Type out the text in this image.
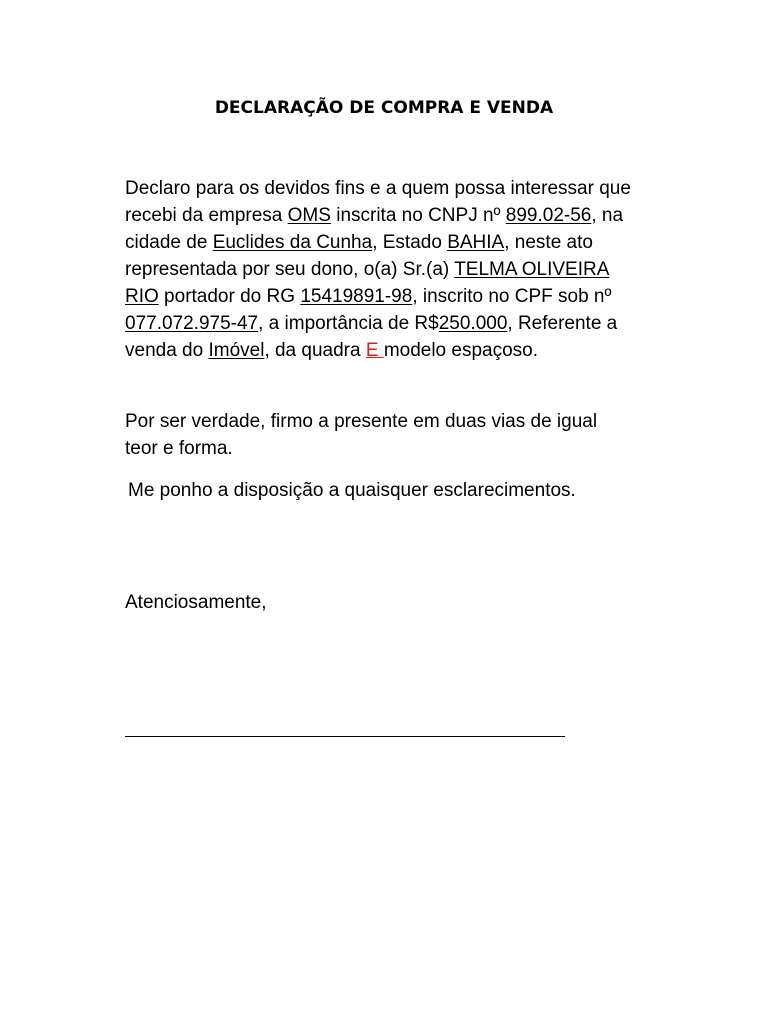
DECLARAÇÃO DE COMPRA E VENDA
Declaro para os devidos fins e a quem possa interessar que
recebi da empresa OMS inscrita no CNPJ nº 899.02-56, na
cidade de Euclides da Cunha, Estado BAHIA, neste ato
representada por seu dono, o(a) Sr.(a) TELMA OLIVEIRA
RIO portador do RG 15419891-98, inscrito no CPF sob nº
077.072.975-47, a importância de R$250.000, Referente a
venda do Imóvel, da quadra E modelo espaçoso.
Por ser verdade, firmo a presente em duas vias de igual
teor e forma.
Me ponho a disposição a quaisquer esclarecimentos.
Atenciosamente,
